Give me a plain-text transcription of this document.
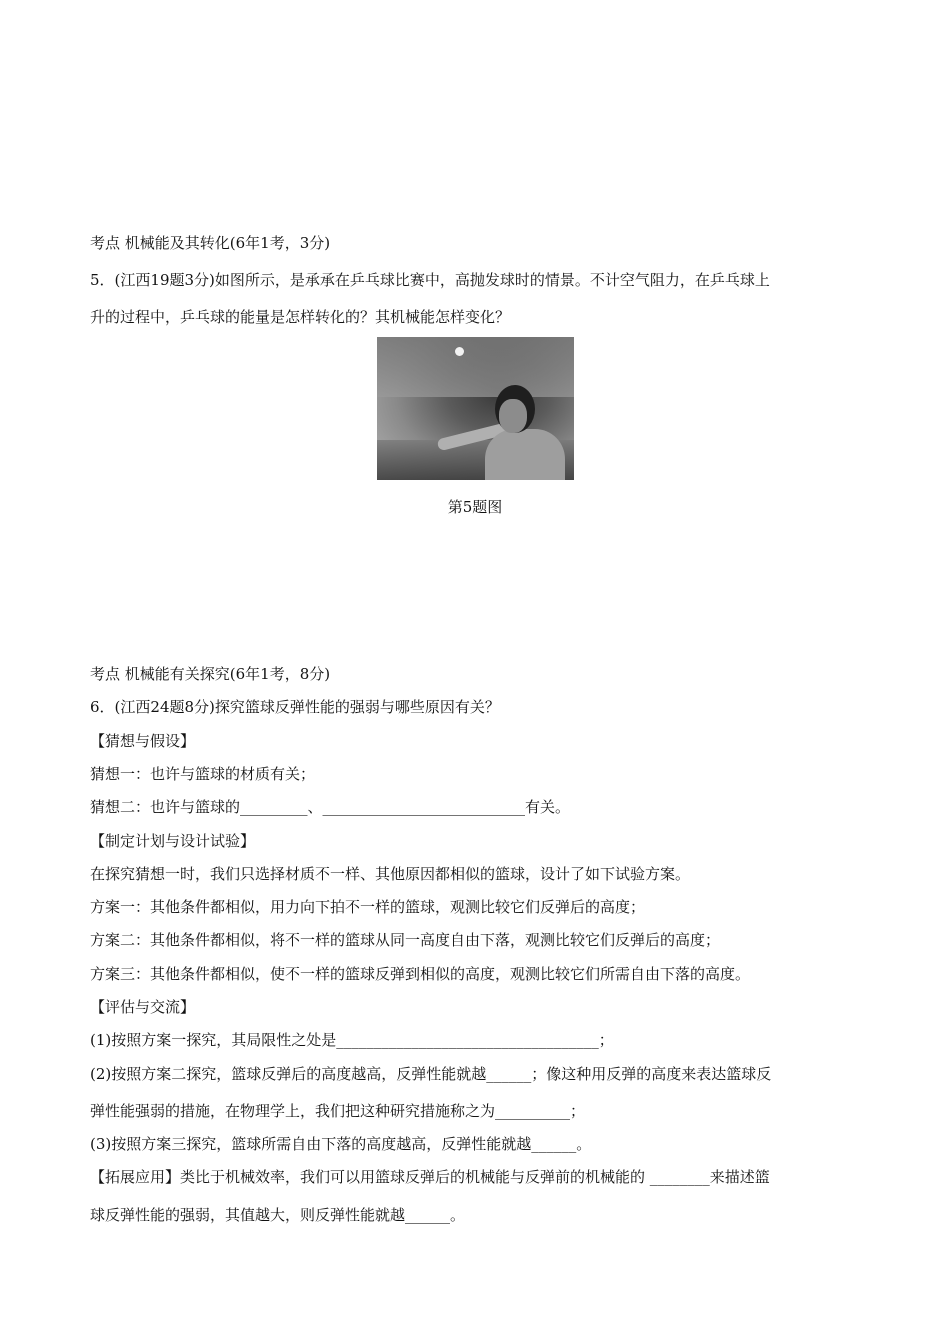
考点 机械能及其转化(6年1考，3分)
5．(江西19题3分)如图所示，是承承在乒乓球比赛中，高抛发球时的情景。不计空气阻力，在乒乓球上
升的过程中，乒乓球的能量是怎样转化的？其机械能怎样变化？
第5题图
考点 机械能有关探究(6年1考，8分)
6．(江西24题8分)探究篮球反弹性能的强弱与哪些原因有关？
【猜想与假设】
猜想一：也许与篮球的材质有关；
猜想二：也许与篮球的_________、___________________________有关。
【制定计划与设计试验】
在探究猜想一时，我们只选择材质不一样、其他原因都相似的篮球，设计了如下试验方案。
方案一：其他条件都相似，用力向下拍不一样的篮球，观测比较它们反弹后的高度；
方案二：其他条件都相似，将不一样的篮球从同一高度自由下落，观测比较它们反弹后的高度；
方案三：其他条件都相似，使不一样的篮球反弹到相似的高度，观测比较它们所需自由下落的高度。
【评估与交流】
(1)按照方案一探究，其局限性之处是___________________________________；
(2)按照方案二探究，篮球反弹后的高度越高，反弹性能就越______；像这种用反弹的高度来表达篮球反
弹性能强弱的措施，在物理学上，我们把这种研究措施称之为__________；
(3)按照方案三探究，篮球所需自由下落的高度越高，反弹性能就越______。
【拓展应用】类比于机械效率，我们可以用篮球反弹后的机械能与反弹前的机械能的 ________来描述篮
球反弹性能的强弱，其值越大，则反弹性能就越______。
